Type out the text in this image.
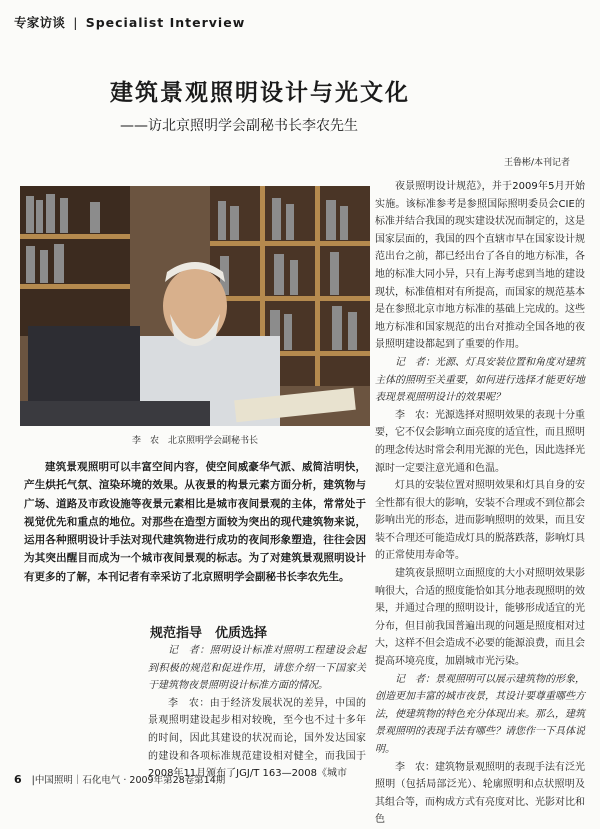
专家访谈 | Specialist Interview
建筑景观照明设计与光文化
——访北京照明学会副秘书长李农先生
王鲁彬/本刊记者
李　农　北京照明学会副秘书长

建筑景观照明可以丰富空间内容，使空间威豪华气派、威简洁明快，产生烘托气氛、渲染环境的效果。从夜景的构景元素方面分析，建筑物与广场、道路及市政设施等夜景元素相比是城市夜间景观的主体，常常处于视觉优先和重点的地位。对那些在造型方面较为突出的现代建筑物来说，运用各种照明设计手法对现代建筑物进行成功的夜间形象塑造，往往会因为其突出醒目而成为一个城市夜间景观的标志。为了对建筑景观照明设计有更多的了解，本刊记者有幸采访了北京照明学会副秘书长李农先生。

规范指导　优质选择

记　者：照明设计标准对照明工程建设会起到积极的规范和促进作用，请您介绍一下国家关于建筑物夜景照明设计标准方面的情况。

李　农：由于经济发展状况的差异，中国的景观照明建设起步相对较晚，至今也不过十多年的时间，因此其建设的状况而论，国外发达国家的建设和各项标准规范建设相对健全，而我国于2008年11月颁布了JGJ/T 163—2008《城市

夜景照明设计规范》，并于2009年5月开始实施。该标准参考是参照国际照明委员会CIE的标准并结合我国的现实建设状况而制定的，这是国家层面的，我国的四个直辖市早在国家设计规范出台之前，都已经出台了各自的地方标准，各地的标准大同小异，只有上海考虑到当地的建设现状，标准值相对有所提高，而国家的规范基本是在参照北京市地方标准的基础上完成的。这些地方标准和国家规范的出台对推动全国各地的夜景照明建设都起到了重要的作用。

记　者：光源、灯具安装位置和角度对建筑主体的照明至关重要，如何进行选择才能更好地表现景观照明设计的效果呢？

李　农：光源选择对照明效果的表现十分重要，它不仅会影响立面亮度的适宜性，而且照明的理念传达时常会利用光源的光色，因此选择光源时一定要注意光通和色温。

灯具的安装位置对照明效果和灯具自身的安全性都有很大的影响，安装不合理或不到位都会影响出光的形态，进而影响照明的效果，而且安装不合理还可能造成灯具的脱落跌落，影响灯具的正常使用寿命等。

建筑夜景照明立面照度的大小对照明效果影响很大，合适的照度能恰如其分地表现照明的效果，并通过合理的照明设计，能够形成适宜的光分布，但目前我国普遍出现的问题是照度相对过大，这样不但会造成不必要的能源浪费，而且会提高环境亮度，加剧城市光污染。

记　者：景观照明可以展示建筑物的形象，创造更加丰富的城市夜景，其设计要尊重哪些方法，使建筑物的特色充分体现出来。那么，建筑景观照明的表现手法有哪些？请您作一下具体说明。

李　农：建筑物景观照明的表现手法有泛光照明（包括局部泛光）、轮廓照明和点状照明及其组合等，而构成方式有亮度对比、光影对比和色

6 |中国照明｜石化电气 · 2009年第28卷第14期
